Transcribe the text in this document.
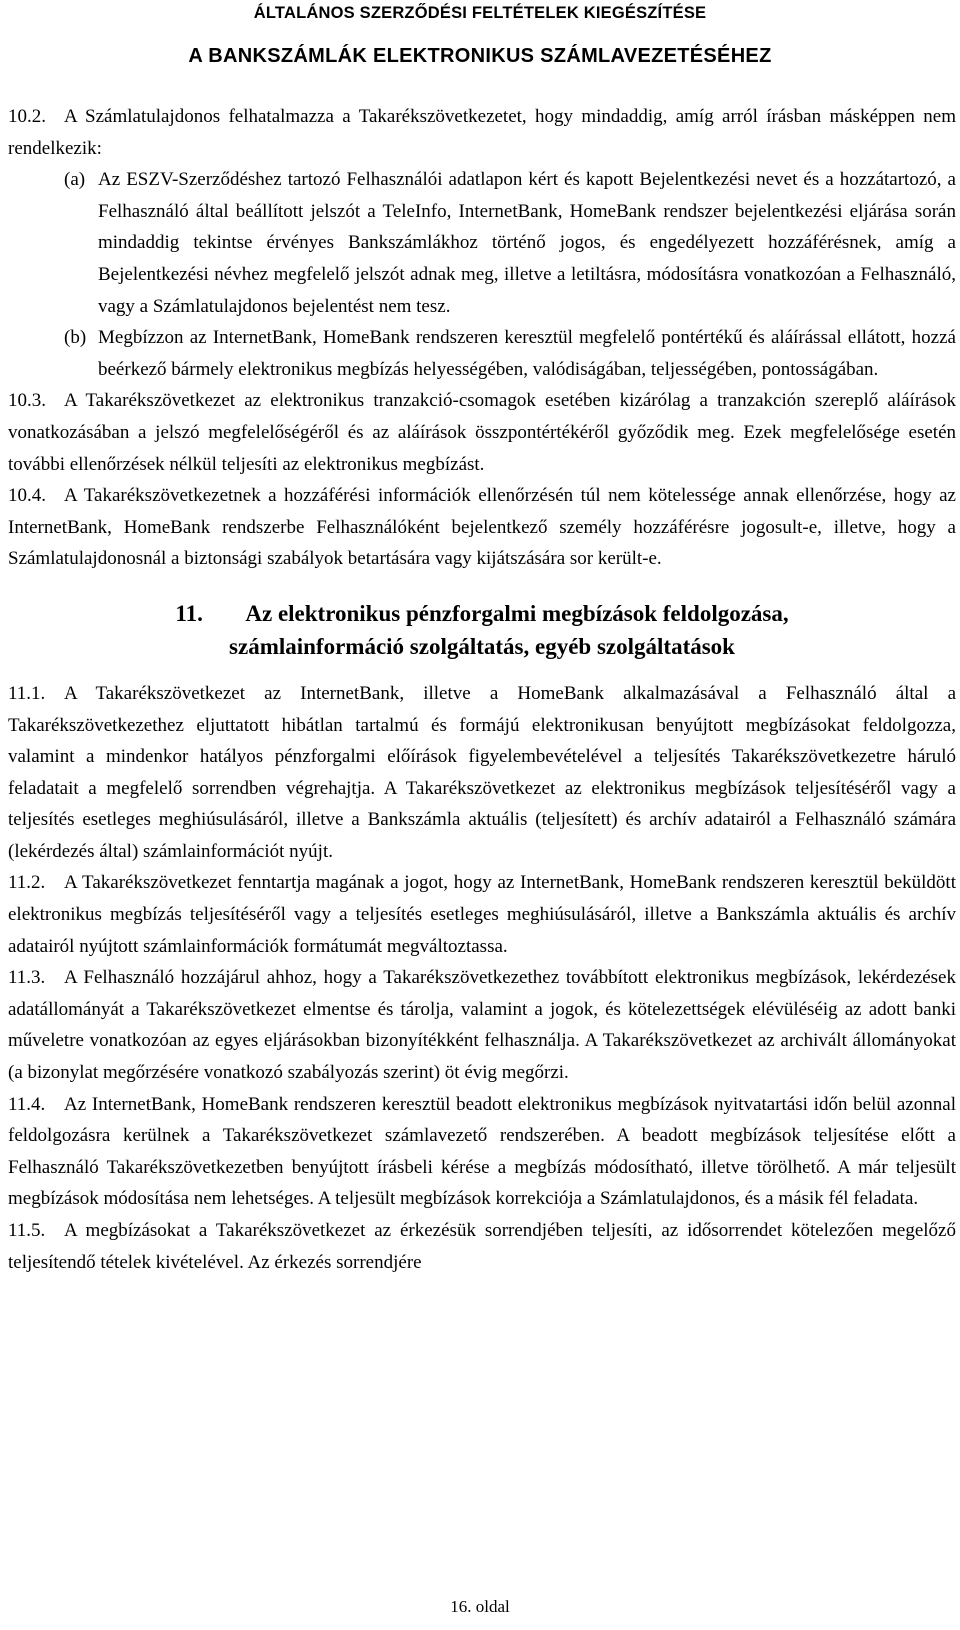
ÁLTALÁNOS SZERZŐDÉSI FELTÉTELEK KIEGÉSZÍTÉSE
A BANKSZÁMLÁK ELEKTRONIKUS SZÁMLAVEZETÉSÉHEZ

10.2. A Számlatulajdonos felhatalmazza a Takarékszövetkezetet, hogy mindaddig, amíg arról írásban másképpen nem rendelkezik:

(a) Az ESZV-Szerződéshez tartozó Felhasználói adatlapon kért és kapott Bejelentkezési nevet és a hozzátartozó, a Felhasználó által beállított jelszót a TeleInfo, InternetBank, HomeBank rendszer bejelentkezési eljárása során mindaddig tekintse érvényes Bankszámlákhoz történő jogos, és engedélyezett hozzáférésnek, amíg a Bejelentkezési névhez megfelelő jelszót adnak meg, illetve a letiltásra, módosításra vonatkozóan a Felhasználó, vagy a Számlatulajdonos bejelentést nem tesz.

(b) Megbízzon az InternetBank, HomeBank rendszeren keresztül megfelelő pontértékű és aláírással ellátott, hozzá beérkező bármely elektronikus megbízás helyességében, valódiságában, teljességében, pontosságában.

10.3. A Takarékszövetkezet az elektronikus tranzakció-csomagok esetében kizárólag a tranzakción szereplő aláírások vonatkozásában a jelszó megfelelőségéről és az aláírások összpontértékéről győződik meg. Ezek megfelelősége esetén további ellenőrzések nélkül teljesíti az elektronikus megbízást.

10.4. A Takarékszövetkezetnek a hozzáférési információk ellenőrzésén túl nem kötelessége annak ellenőrzése, hogy az InternetBank, HomeBank rendszerbe Felhasználóként bejelentkező személy hozzáférésre jogosult-e, illetve, hogy a Számlatulajdonosnál a biztonsági szabályok betartására vagy kijátszására sor került-e.

11. Az elektronikus pénzforgalmi megbízások feldolgozása,
számlainformáció szolgáltatás, egyéb szolgáltatások

11.1. A Takarékszövetkezet az InternetBank, illetve a HomeBank alkalmazásával a Felhasználó által a Takarékszövetkezethez eljuttatott hibátlan tartalmú és formájú elektronikusan benyújtott megbízásokat feldolgozza, valamint a mindenkor hatályos pénzforgalmi előírások figyelembevételével a teljesítés Takarékszövetkezetre háruló feladatait a megfelelő sorrendben végrehajtja. A Takarékszövetkezet az elektronikus megbízások teljesítéséről vagy a teljesítés esetleges meghiúsulásáról, illetve a Bankszámla aktuális (teljesített) és archív adatairól a Felhasználó számára (lekérdezés által) számlainformációt nyújt.

11.2. A Takarékszövetkezet fenntartja magának a jogot, hogy az InternetBank, HomeBank rendszeren keresztül beküldött elektronikus megbízás teljesítéséről vagy a teljesítés esetleges meghiúsulásáról, illetve a Bankszámla aktuális és archív adatairól nyújtott számlainformációk formátumát megváltoztassa.

11.3. A Felhasználó hozzájárul ahhoz, hogy a Takarékszövetkezethez továbbított elektronikus megbízások, lekérdezések adatállományát a Takarékszövetkezet elmentse és tárolja, valamint a jogok, és kötelezettségek elévüléséig az adott banki műveletre vonatkozóan az egyes eljárásokban bizonyítékként felhasználja. A Takarékszövetkezet az archivált állományokat (a bizonylat megőrzésére vonatkozó szabályozás szerint) öt évig megőrzi.

11.4. Az InternetBank, HomeBank rendszeren keresztül beadott elektronikus megbízások nyitvatartási időn belül azonnal feldolgozásra kerülnek a Takarékszövetkezet számlavezető rendszerében. A beadott megbízások teljesítése előtt a Felhasználó Takarékszövetkezetben benyújtott írásbeli kérése a megbízás módosítható, illetve törölhető. A már teljesült megbízások módosítása nem lehetséges. A teljesült megbízások korrekciója a Számlatulajdonos, és a másik fél feladata.

11.5. A megbízásokat a Takarékszövetkezet az érkezésük sorrendjében teljesíti, az idősorrendet kötelezően megelőző teljesítendő tételek kivételével. Az érkezés sorrendjére

16. oldal
